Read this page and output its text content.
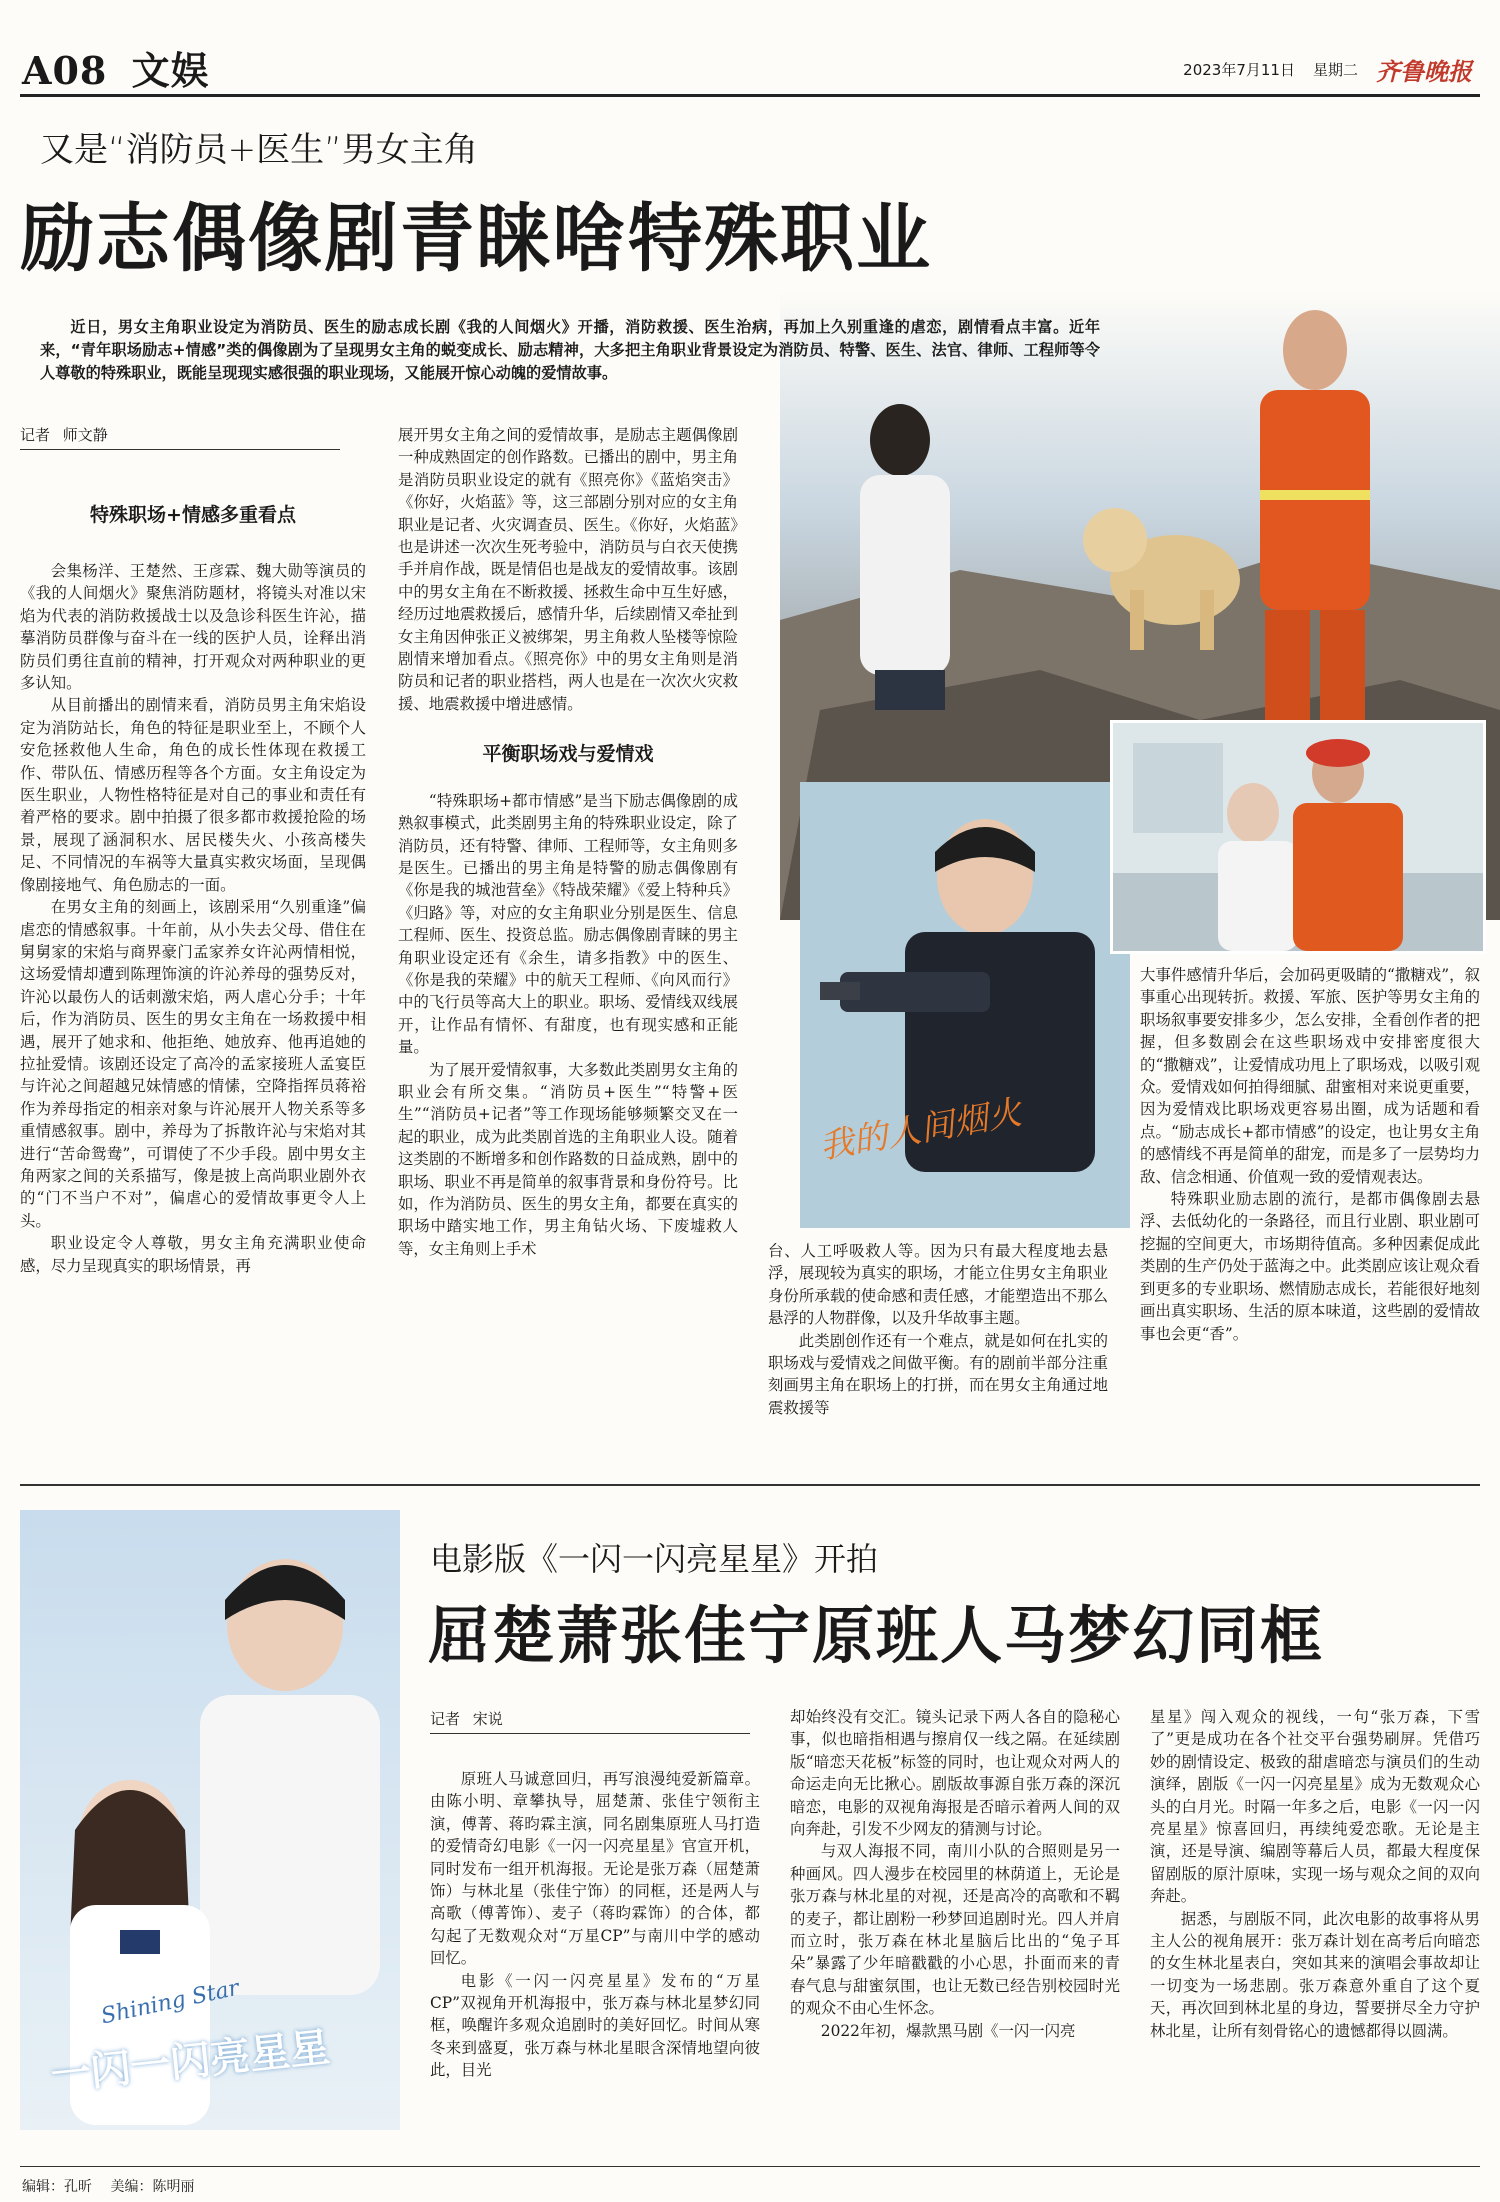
A08 文娱	2023年7月11日 星期二 齐鲁晚报
又是“消防员+医生”男女主角
励志偶像剧青睐啥特殊职业
近日，男女主角职业设定为消防员、医生的励志成长剧《我的人间烟火》开播，消防救援、医生治病，再加上久别重逢的虐恋，剧情看点丰富。近年来，“青年职场励志+情感”类的偶像剧为了呈现男女主角的蜕变成长、励志精神，大多把主角职业背景设定为消防员、特警、医生、法官、律师、工程师等令人尊敬的特殊职业，既能呈现现实感很强的职业现场，又能展开惊心动魄的爱情故事。
记者 师文静
特殊职场+情感多重看点

会集杨洋、王楚然、王彦霖、魏大勋等演员的《我的人间烟火》聚焦消防题材，将镜头对准以宋焰为代表的消防救援战士以及急诊科医生许沁，描摹消防员群像与奋斗在一线的医护人员，诠释出消防员们勇往直前的精神，打开观众对两种职业的更多认知。

从目前播出的剧情来看，消防员男主角宋焰设定为消防站长，角色的特征是职业至上，不顾个人安危拯救他人生命，角色的成长性体现在救援工作、带队伍、情感历程等各个方面。女主角设定为医生职业，人物性格特征是对自己的事业和责任有着严格的要求。剧中拍摄了很多都市救援抢险的场景，展现了涵洞积水、居民楼失火、小孩高楼失足、不同情况的车祸等大量真实救灾场面，呈现偶像剧接地气、角色励志的一面。

在男女主角的刻画上，该剧采用“久别重逢”偏虐恋的情感叙事。十年前，从小失去父母、借住在舅舅家的宋焰与商界豪门孟家养女许沁两情相悦，这场爱情却遭到陈理饰演的许沁养母的强势反对，许沁以最伤人的话刺激宋焰，两人虐心分手；十年后，作为消防员、医生的男女主角在一场救援中相遇，展开了她求和、他拒绝、她放弃、他再追她的拉扯爱情。该剧还设定了高冷的孟家接班人孟宴臣与许沁之间超越兄妹情感的情愫，空降指挥员蒋裕作为养母指定的相亲对象与许沁展开人物关系等多重情感叙事。剧中，养母为了拆散许沁与宋焰对其进行“苦命鸳鸯”，可谓使了不少手段。剧中男女主角两家之间的关系描写，像是披上高尚职业剧外衣的“门不当户不对”，偏虐心的爱情故事更令人上头。

职业设定令人尊敬，男女主角充满职业使命感，尽力呈现真实的职场情景，再

展开男女主角之间的爱情故事，是励志主题偶像剧一种成熟固定的创作路数。已播出的剧中，男主角是消防员职业设定的就有《照亮你》《蓝焰突击》《你好，火焰蓝》等，这三部剧分别对应的女主角职业是记者、火灾调查员、医生。《你好，火焰蓝》也是讲述一次次生死考验中，消防员与白衣天使携手并肩作战，既是情侣也是战友的爱情故事。该剧中的男女主角在不断救援、拯救生命中互生好感，经历过地震救援后，感情升华，后续剧情又牵扯到女主角因伸张正义被绑架，男主角救人坠楼等惊险剧情来增加看点。《照亮你》中的男女主角则是消防员和记者的职业搭档，两人也是在一次次火灾救援、地震救援中增进感情。

平衡职场戏与爱情戏

“特殊职场+都市情感”是当下励志偶像剧的成熟叙事模式，此类剧男主角的特殊职业设定，除了消防员，还有特警、律师、工程师等，女主角则多是医生。已播出的男主角是特警的励志偶像剧有《你是我的城池营垒》《特战荣耀》《爱上特种兵》《归路》等，对应的女主角职业分别是医生、信息工程师、医生、投资总监。励志偶像剧青睐的男主角职业设定还有《余生，请多指教》中的医生、《你是我的荣耀》中的航天工程师、《向风而行》中的飞行员等高大上的职业。职场、爱情线双线展开，让作品有情怀、有甜度，也有现实感和正能量。

为了展开爱情叙事，大多数此类剧男女主角的职业会有所交集。“消防员+医生”“特警+医生”“消防员+记者”等工作现场能够频繁交叉在一起的职业，成为此类剧首选的主角职业人设。随着这类剧的不断增多和创作路数的日益成熟，剧中的职场、职业不再是简单的叙事背景和身份符号。比如，作为消防员、医生的男女主角，都要在真实的职场中踏实地工作，男主角钻火场、下废墟救人等，女主角则上手术

我的人间烟火

台、人工呼吸救人等。因为只有最大程度地去悬浮，展现较为真实的职场，才能立住男女主角职业身份所承载的使命感和责任感，才能塑造出不那么悬浮的人物群像，以及升华故事主题。

此类剧创作还有一个难点，就是如何在扎实的职场戏与爱情戏之间做平衡。有的剧前半部分注重刻画男主角在职场上的打拼，而在男女主角通过地震救援等

大事件感情升华后，会加码更吸睛的“撒糖戏”，叙事重心出现转折。救援、军旅、医护等男女主角的职场叙事要安排多少，怎么安排，全看创作者的把握，但多数剧会在这些职场戏中安排密度很大的“撒糖戏”，让爱情成功甩上了职场戏，以吸引观众。爱情戏如何拍得细腻、甜蜜相对来说更重要，因为爱情戏比职场戏更容易出圈，成为话题和看点。“励志成长+都市情感”的设定，也让男女主角的感情线不再是简单的甜宠，而是多了一层势均力敌、信念相通、价值观一致的爱情观表达。

特殊职业励志剧的流行，是都市偶像剧去悬浮、去低幼化的一条路径，而且行业剧、职业剧可挖掘的空间更大，市场期待值高。多种因素促成此类剧的生产仍处于蓝海之中。此类剧应该让观众看到更多的专业职场、燃情励志成长，若能很好地刻画出真实职场、生活的原本味道，这些剧的爱情故事也会更“香”。

Shining Star
一闪一闪亮星星
电影版《一闪一闪亮星星》开拍
屈楚萧张佳宁原班人马梦幻同框
记者 宋说

原班人马诚意回归，再写浪漫纯爱新篇章。由陈小明、章攀执导，屈楚萧、张佳宁领衔主演，傅菁、蒋昀霖主演，同名剧集原班人马打造的爱情奇幻电影《一闪一闪亮星星》官宣开机，同时发布一组开机海报。无论是张万森（屈楚萧饰）与林北星（张佳宁饰）的同框，还是两人与高歌（傅菁饰）、麦子（蒋昀霖饰）的合体，都勾起了无数观众对“万星CP”与南川中学的感动回忆。

电影《一闪一闪亮星星》发布的“万星CP”双视角开机海报中，张万森与林北星梦幻同框，唤醒许多观众追剧时的美好回忆。时间从寒冬来到盛夏，张万森与林北星眼含深情地望向彼此，目光

却始终没有交汇。镜头记录下两人各自的隐秘心事，似也暗指相遇与擦肩仅一线之隔。在延续剧版“暗恋天花板”标签的同时，也让观众对两人的命运走向无比揪心。剧版故事源自张万森的深沉暗恋，电影的双视角海报是否暗示着两人间的双向奔赴，引发不少网友的猜测与讨论。

与双人海报不同，南川小队的合照则是另一种画风。四人漫步在校园里的林荫道上，无论是张万森与林北星的对视，还是高冷的高歌和不羁的麦子，都让剧粉一秒梦回追剧时光。四人并肩而立时，张万森在林北星脑后比出的“兔子耳朵”暴露了少年暗戳戳的小心思，扑面而来的青春气息与甜蜜氛围，也让无数已经告别校园时光的观众不由心生怀念。

2022年初，爆款黑马剧《一闪一闪亮

星星》闯入观众的视线，一句“张万森，下雪了”更是成功在各个社交平台强势刷屏。凭借巧妙的剧情设定、极致的甜虐暗恋与演员们的生动演绎，剧版《一闪一闪亮星星》成为无数观众心头的白月光。时隔一年多之后，电影《一闪一闪亮星星》惊喜回归，再续纯爱恋歌。无论是主演，还是导演、编剧等幕后人员，都最大程度保留剧版的原汁原味，实现一场与观众之间的双向奔赴。

据悉，与剧版不同，此次电影的故事将从男主人公的视角展开：张万森计划在高考后向暗恋的女生林北星表白，突如其来的演唱会事故却让一切变为一场悲剧。张万森意外重自了这个夏天，再次回到林北星的身边，誓要拼尽全力守护林北星，让所有刻骨铭心的遗憾都得以圆满。

编辑：孔昕 美编：陈明丽
